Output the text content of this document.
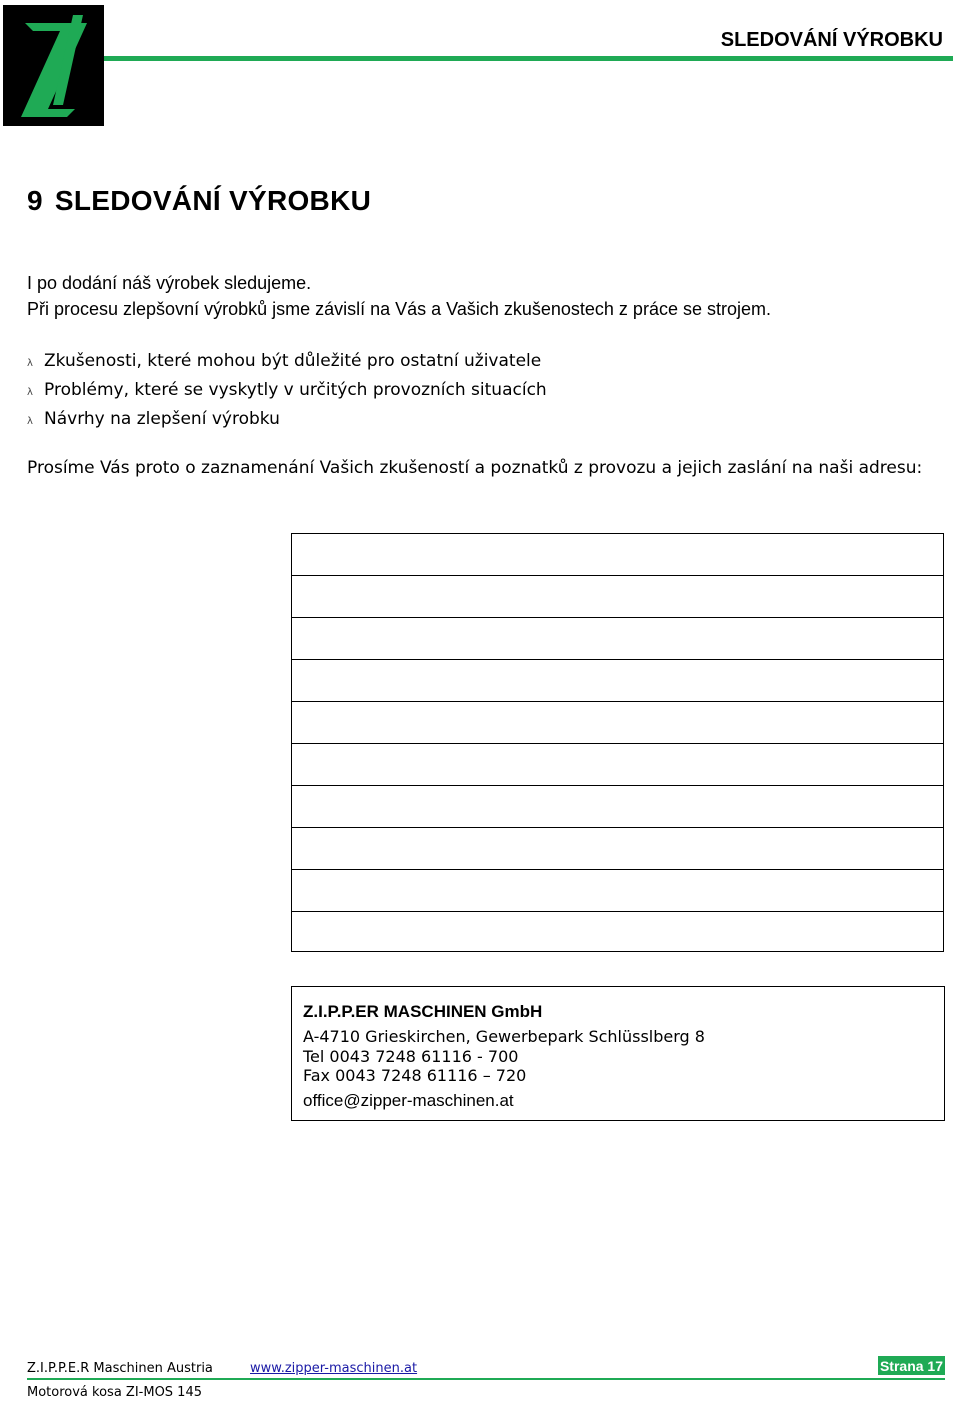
SLEDOVÁNÍ VÝROBKU
9 SLEDOVÁNÍ VÝROBKU
I po dodání náš výrobek sledujeme.
Při procesu zlepšovní výrobků jsme závislí na Vás a Vašich zkušenostech z práce se strojem.
λ Zkušenosti, které mohou být důležité pro ostatní uživatele
λ Problémy, které se vyskytly v určitých provozních situacích
λ Návrhy na zlepšení výrobku
Prosíme Vás proto o zaznamenání Vašich zkušeností a poznatků z provozu a jejich zaslání na naši adresu:
Z.I.P.P.ER MASCHINEN GmbH
A-4710 Grieskirchen, Gewerbepark Schlüsslberg 8
Tel 0043 7248 61116 - 700
Fax 0043 7248 61116 – 720
office@zipper-maschinen.at
Z.I.P.P.E.R Maschinen Austria	www.zipper-maschinen.at	Strana 17
Motorová kosa ZI-MOS 145
